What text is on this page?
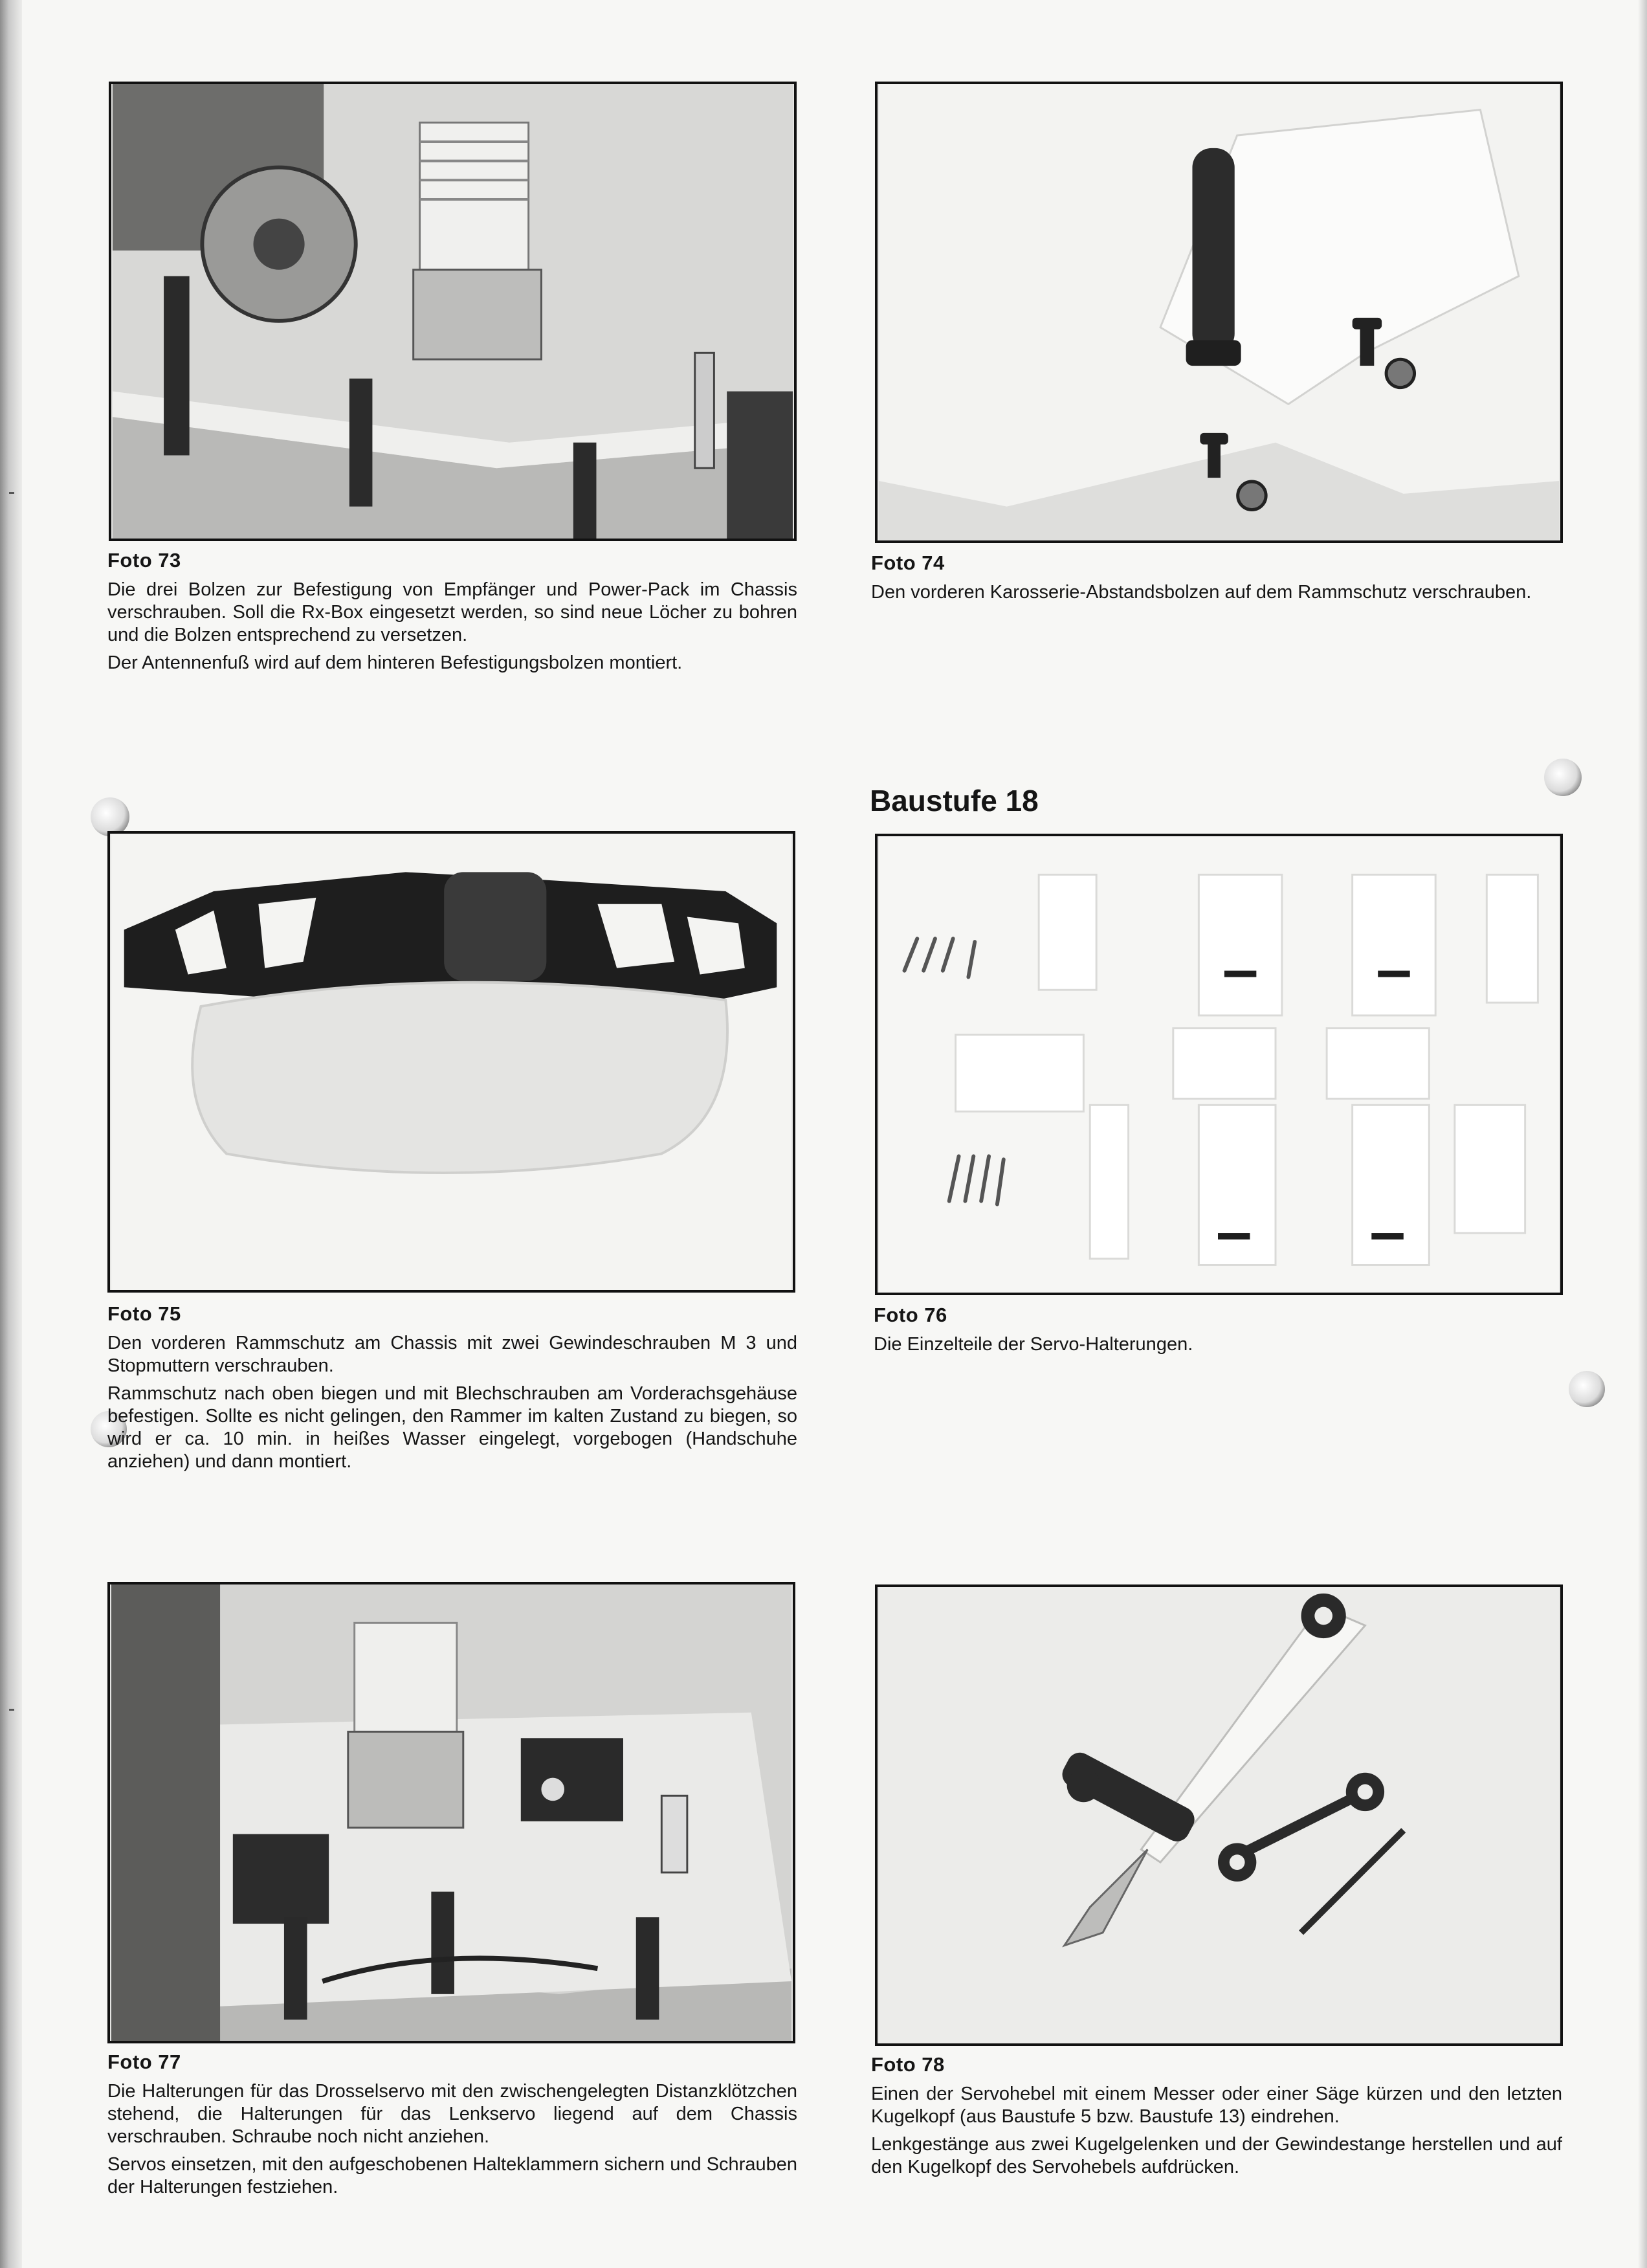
Foto 73

Die drei Bolzen zur Befestigung von Empfänger und Power-Pack im Chassis verschrauben. Soll die Rx-Box eingesetzt werden, so sind neue Löcher zu bohren und die Bolzen entsprechend zu versetzen.

Der Antennenfuß wird auf dem hinteren Befestigungsbolzen montiert.

Foto 74

Den vorderen Karosserie-Abstandsbolzen auf dem Rammschutz verschrauben.

Baustufe 18
Foto 75

Den vorderen Rammschutz am Chassis mit zwei Gewindeschrauben M 3 und Stopmuttern verschrauben.

Rammschutz nach oben biegen und mit Blechschrauben am Vorderachsgehäuse befestigen. Sollte es nicht gelingen, den Rammer im kalten Zustand zu biegen, so wird er ca. 10 min. in heißes Wasser eingelegt, vorgebogen (Handschuhe anziehen) und dann montiert.

Foto 76

Die Einzelteile der Servo-Halterungen.

Foto 77

Die Halterungen für das Drosselservo mit den zwischengelegten Distanzklötzchen stehend, die Halterungen für das Lenkservo liegend auf dem Chassis verschrauben. Schraube noch nicht anziehen.

Servos einsetzen, mit den aufgeschobenen Halteklammern sichern und Schrauben der Halterungen festziehen.

Foto 78

Einen der Servohebel mit einem Messer oder einer Säge kürzen und den letzten Kugelkopf (aus Baustufe 5 bzw. Baustufe 13) eindrehen.

Lenkgestänge aus zwei Kugelgelenken und der Gewindestange herstellen und auf den Kugelkopf des Servohebels aufdrücken.
